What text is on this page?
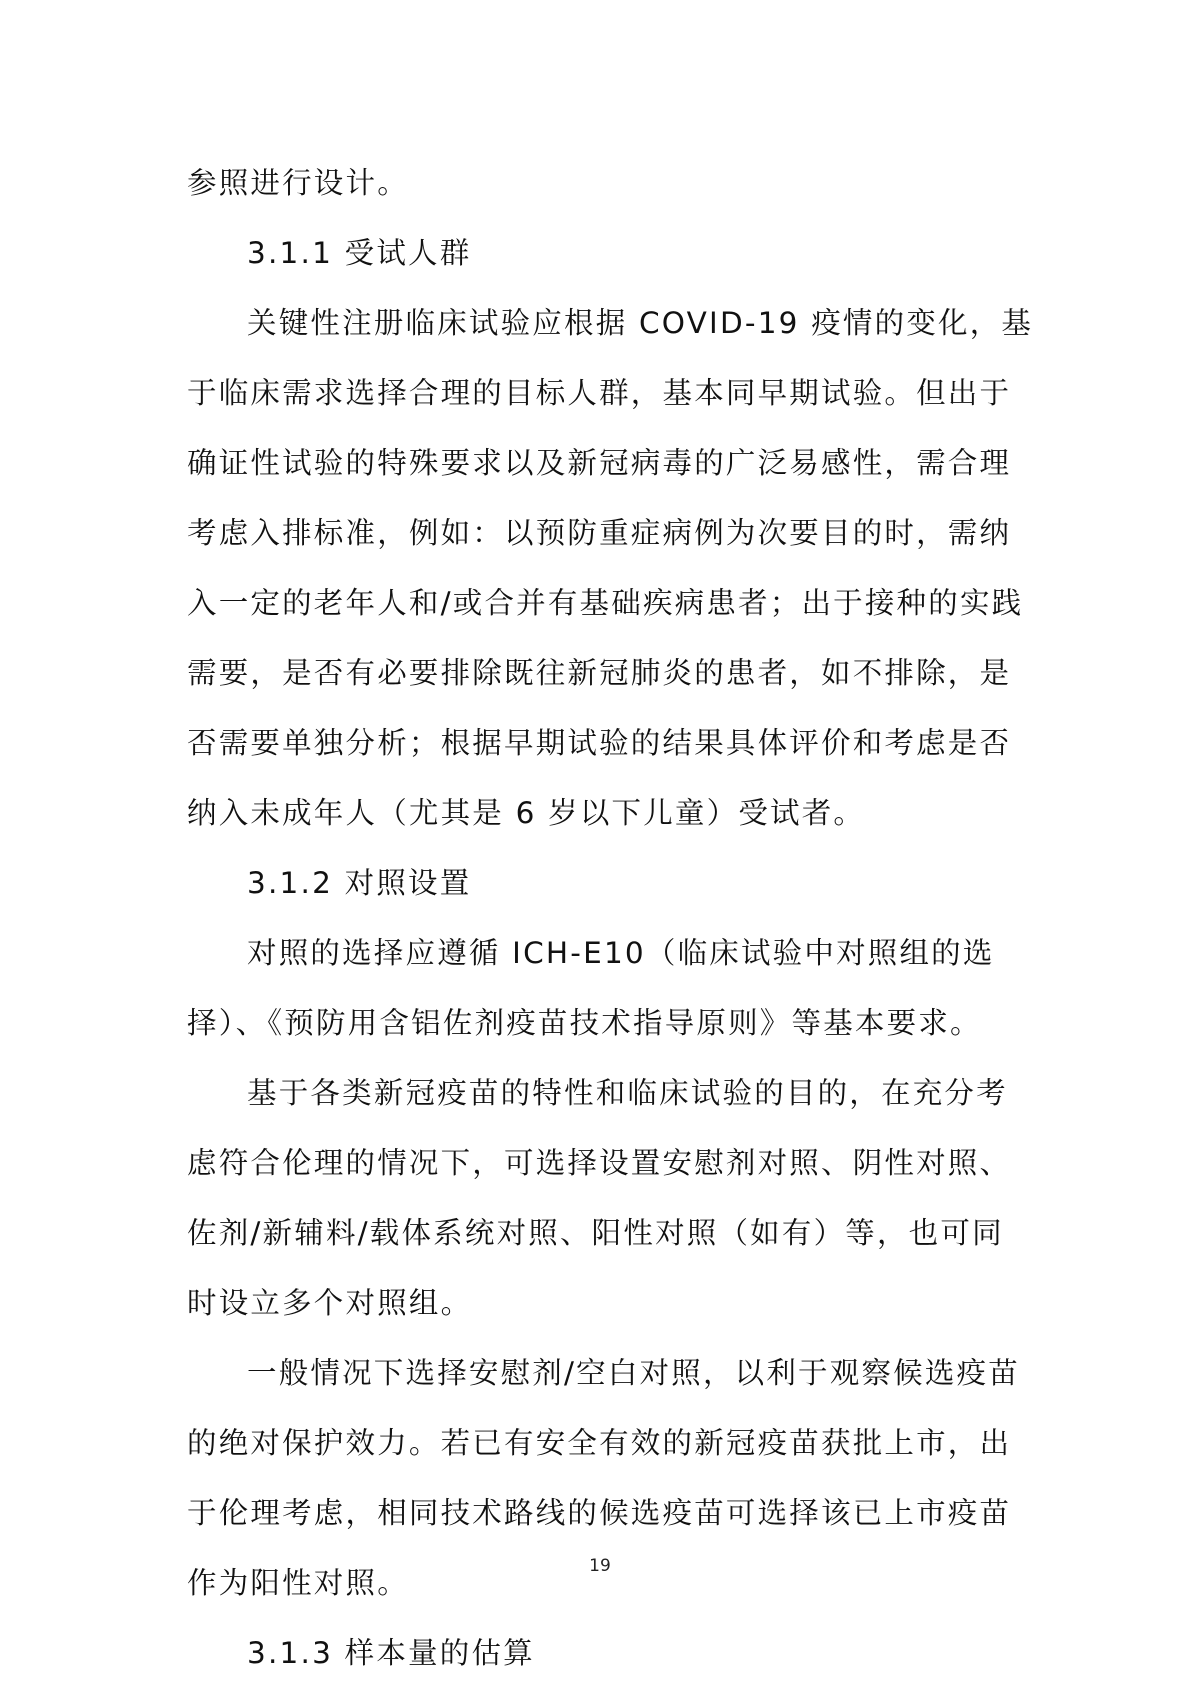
参照进行设计。
3.1.1 受试人群
关键性注册临床试验应根据 COVID-19 疫情的变化，基
于临床需求选择合理的目标人群，基本同早期试验。但出于
确证性试验的特殊要求以及新冠病毒的广泛易感性，需合理
考虑入排标准，例如：以预防重症病例为次要目的时，需纳
入一定的老年人和/或合并有基础疾病患者；出于接种的实践
需要，是否有必要排除既往新冠肺炎的患者，如不排除，是
否需要单独分析；根据早期试验的结果具体评价和考虑是否
纳入未成年人（尤其是 6 岁以下儿童）受试者。
3.1.2 对照设置
对照的选择应遵循 ICH-E10（临床试验中对照组的选
择）、《预防用含铝佐剂疫苗技术指导原则》等基本要求。
基于各类新冠疫苗的特性和临床试验的目的，在充分考
虑符合伦理的情况下，可选择设置安慰剂对照、阴性对照、
佐剂/新辅料/载体系统对照、阳性对照（如有）等，也可同
时设立多个对照组。
一般情况下选择安慰剂/空白对照，以利于观察候选疫苗
的绝对保护效力。若已有安全有效的新冠疫苗获批上市，出
于伦理考虑，相同技术路线的候选疫苗可选择该已上市疫苗
作为阳性对照。
3.1.3 样本量的估算
19
